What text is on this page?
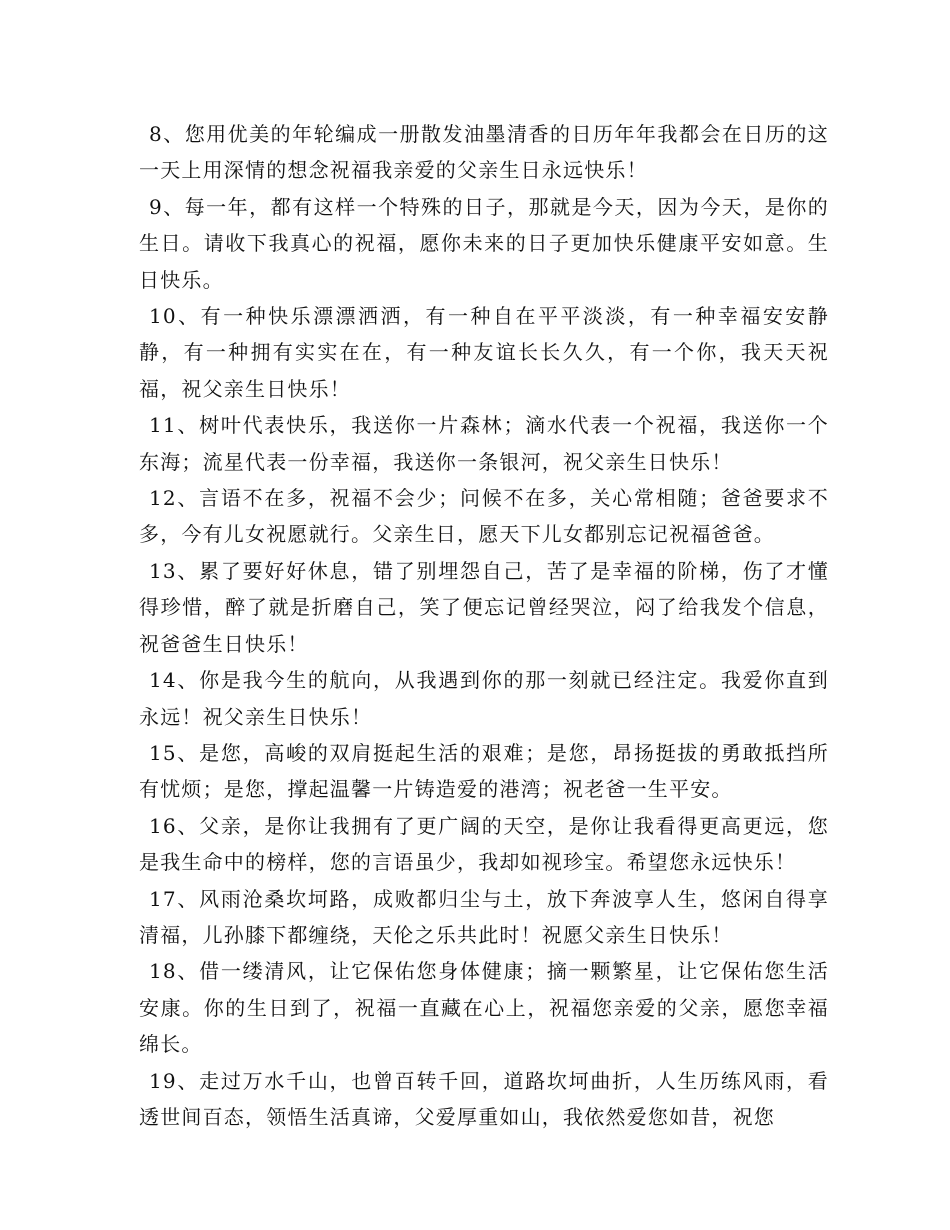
8、您用优美的年轮编成一册散发油墨清香的日历年年我都会在日历的这一天上用深情的想念祝福我亲爱的父亲生日永远快乐！

9、每一年，都有这样一个特殊的日子，那就是今天，因为今天，是你的生日。请收下我真心的祝福，愿你未来的日子更加快乐健康平安如意。生日快乐。

10、有一种快乐漂漂洒洒，有一种自在平平淡淡，有一种幸福安安静静，有一种拥有实实在在，有一种友谊长长久久，有一个你，我天天祝福，祝父亲生日快乐！

11、树叶代表快乐，我送你一片森林；滴水代表一个祝福，我送你一个东海；流星代表一份幸福，我送你一条银河，祝父亲生日快乐！

12、言语不在多，祝福不会少；问候不在多，关心常相随；爸爸要求不多，今有儿女祝愿就行。父亲生日，愿天下儿女都别忘记祝福爸爸。

13、累了要好好休息，错了别埋怨自己，苦了是幸福的阶梯，伤了才懂得珍惜，醉了就是折磨自己，笑了便忘记曾经哭泣，闷了给我发个信息，祝爸爸生日快乐！

14、你是我今生的航向，从我遇到你的那一刻就已经注定。我爱你直到永远！祝父亲生日快乐！

15、是您，高峻的双肩挺起生活的艰难；是您，昂扬挺拔的勇敢抵挡所有忧烦；是您，撑起温馨一片铸造爱的港湾；祝老爸一生平安。

16、父亲，是你让我拥有了更广阔的天空，是你让我看得更高更远，您是我生命中的榜样，您的言语虽少，我却如视珍宝。希望您永远快乐！

17、风雨沧桑坎坷路，成败都归尘与土，放下奔波享人生，悠闲自得享清福，儿孙膝下都缠绕，天伦之乐共此时！祝愿父亲生日快乐！

18、借一缕清风，让它保佑您身体健康；摘一颗繁星，让它保佑您生活安康。你的生日到了，祝福一直藏在心上，祝福您亲爱的父亲，愿您幸福绵长。

19、走过万水千山，也曾百转千回，道路坎坷曲折，人生历练风雨，看透世间百态，领悟生活真谛，父爱厚重如山，我依然爱您如昔，祝您
